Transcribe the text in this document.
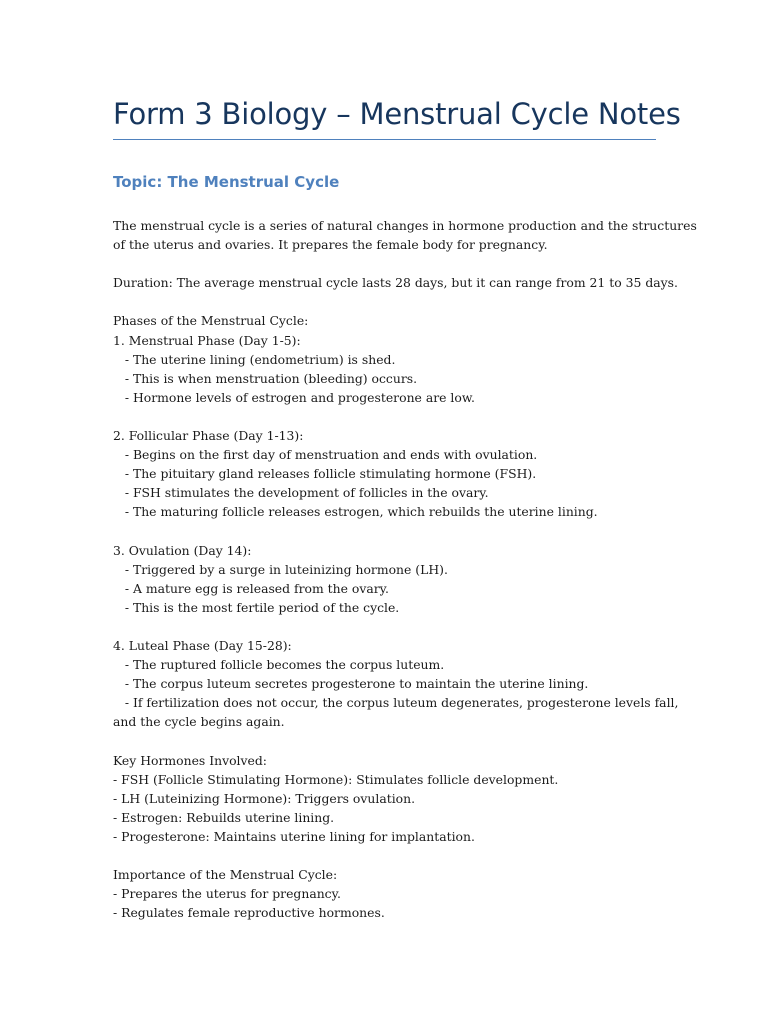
Form 3 Biology – Menstrual Cycle Notes
Topic: The Menstrual Cycle
The menstrual cycle is a series of natural changes in hormone production and the structures
of the uterus and ovaries. It prepares the female body for pregnancy.
Duration: The average menstrual cycle lasts 28 days, but it can range from 21 to 35 days.
Phases of the Menstrual Cycle:
1. Menstrual Phase (Day 1-5):
- The uterine lining (endometrium) is shed.
- This is when menstruation (bleeding) occurs.
- Hormone levels of estrogen and progesterone are low.
2. Follicular Phase (Day 1-13):
- Begins on the first day of menstruation and ends with ovulation.
- The pituitary gland releases follicle stimulating hormone (FSH).
- FSH stimulates the development of follicles in the ovary.
- The maturing follicle releases estrogen, which rebuilds the uterine lining.
3. Ovulation (Day 14):
- Triggered by a surge in luteinizing hormone (LH).
- A mature egg is released from the ovary.
- This is the most fertile period of the cycle.
4. Luteal Phase (Day 15-28):
- The ruptured follicle becomes the corpus luteum.
- The corpus luteum secretes progesterone to maintain the uterine lining.
- If fertilization does not occur, the corpus luteum degenerates, progesterone levels fall,
and the cycle begins again.
Key Hormones Involved:
- FSH (Follicle Stimulating Hormone): Stimulates follicle development.
- LH (Luteinizing Hormone): Triggers ovulation.
- Estrogen: Rebuilds uterine lining.
- Progesterone: Maintains uterine lining for implantation.
Importance of the Menstrual Cycle:
- Prepares the uterus for pregnancy.
- Regulates female reproductive hormones.
